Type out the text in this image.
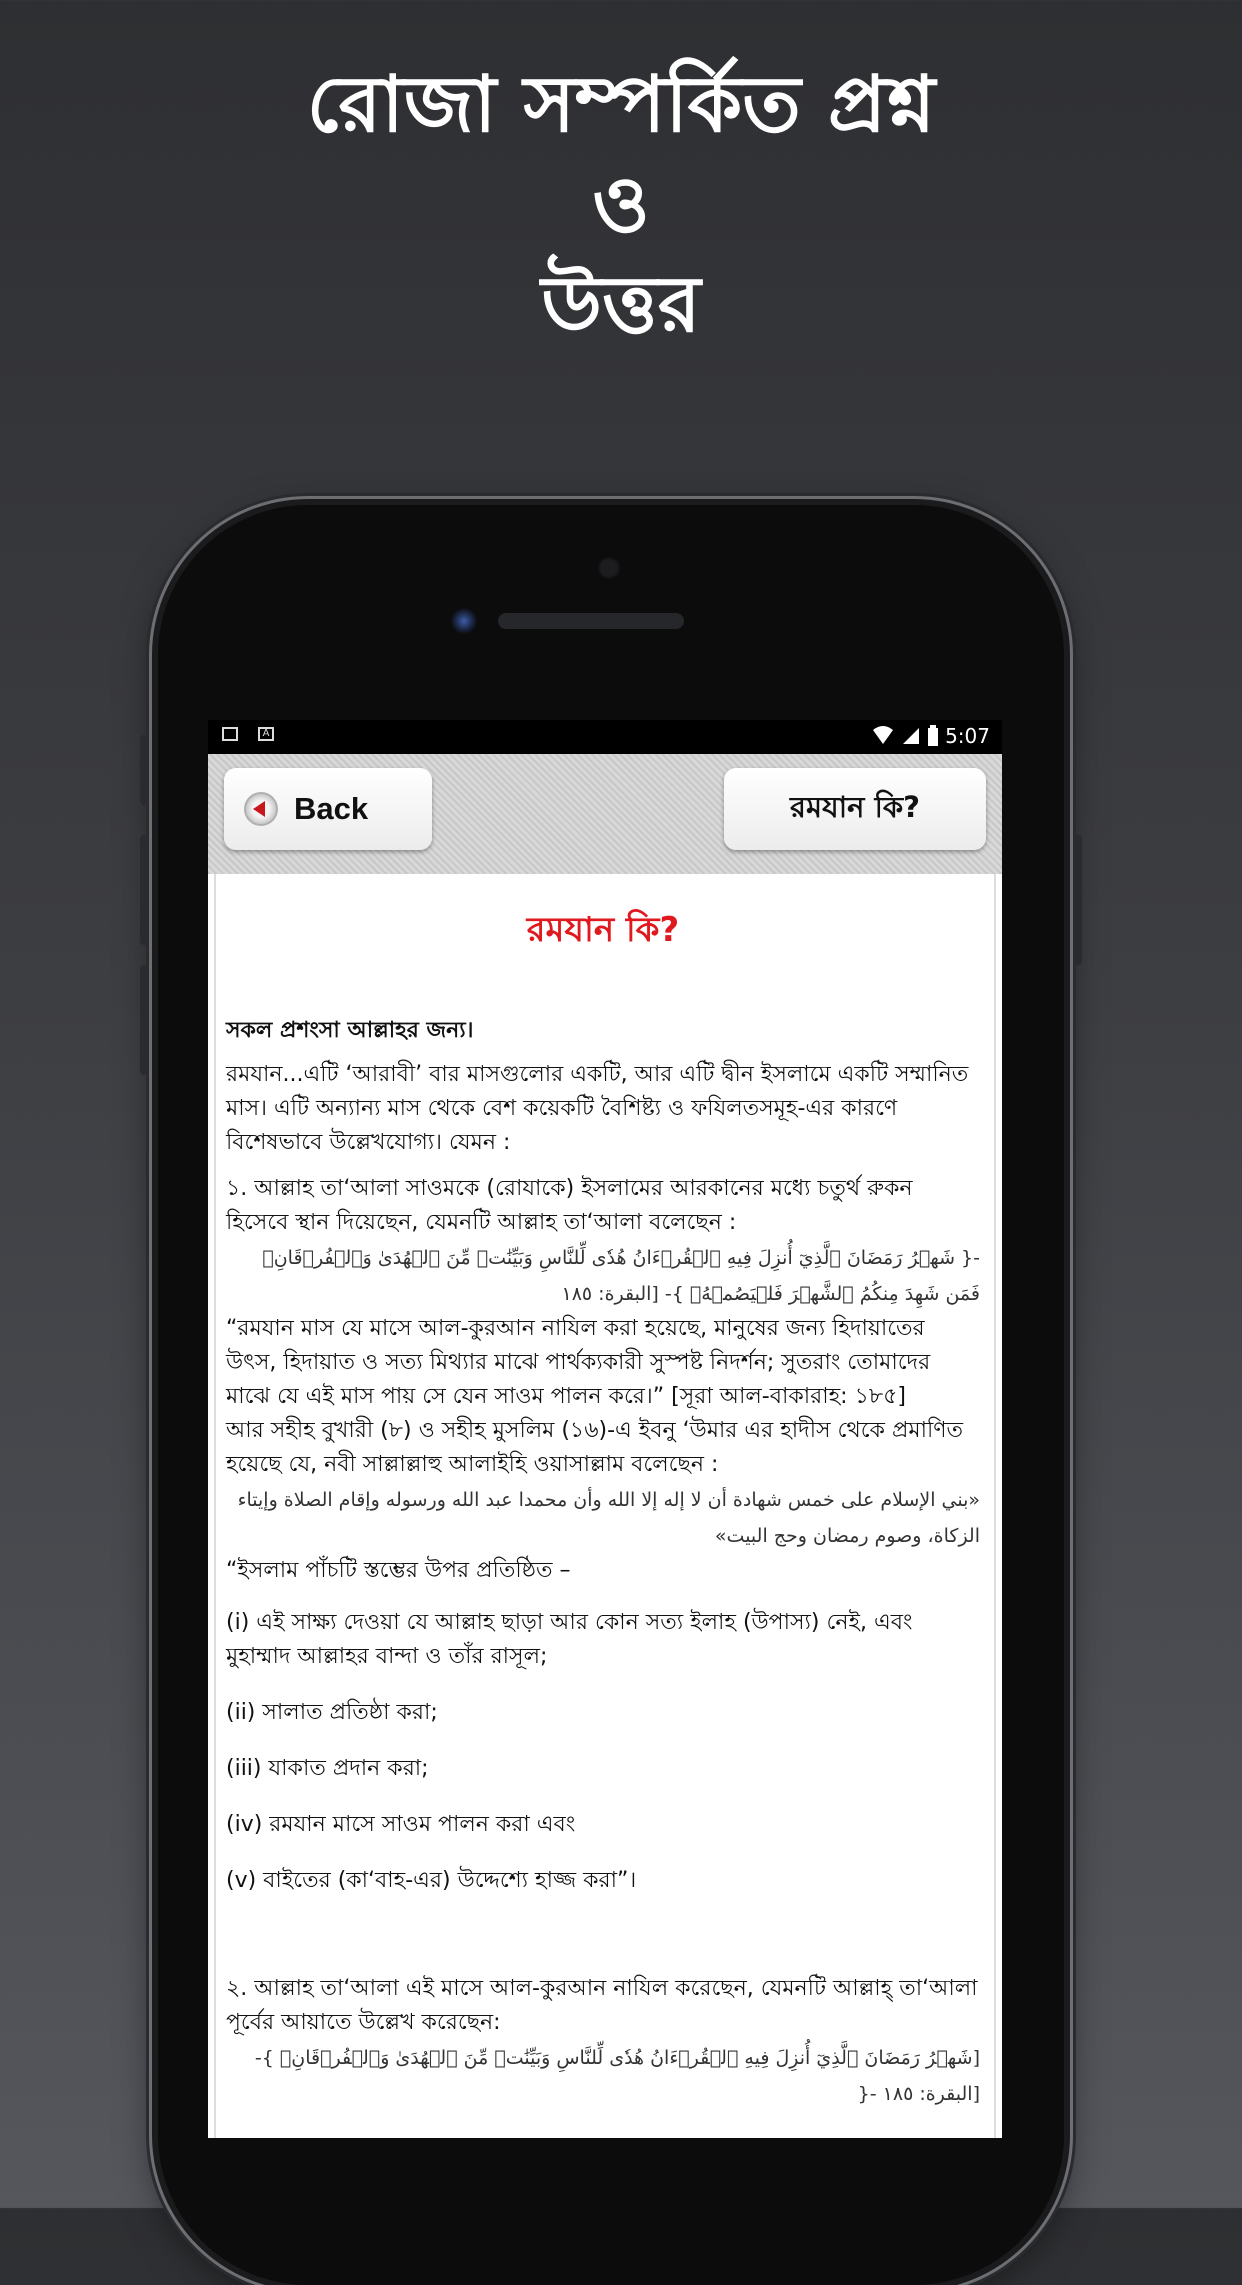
রোজা সম্পর্কিত প্রশ্ন
ও
উত্তর
A	5:07
Back	রমযান কি?
রমযান কি?

সকল প্রশংসা আল্লাহর জন্য।

রমযান...এটি ‘আরাবী’ বার মাসগুলোর একটি, আর এটি দ্বীন ইসলামে একটি সম্মানিত মাস। এটি অন্যান্য মাস থেকে বেশ কয়েকটি বৈশিষ্ট্য ও ফযিলতসমূহ-এর কারণে বিশেষভাবে উল্লেখযোগ্য। যেমন :

১. আল্লাহ তা‘আলা সাওমকে (রোযাকে) ইসলামের আরকানের মধ্যে চতুর্থ রুকন হিসেবে স্থান দিয়েছেন, যেমনটি আল্লাহ তা‘আলা বলেছেন :

-{ شَهۡرُ رَمَضَانَ ٱلَّذِيٓ أُنزِلَ فِيهِ ٱلۡقُرۡءَانُ هُدٗى لِّلنَّاسِ وَبَيِّنَٰتٖ مِّنَ ٱلۡهُدَىٰ وَٱلۡفُرۡقَانِۚ فَمَن شَهِدَ مِنكُمُ ٱلشَّهۡرَ فَلۡيَصُمۡهُۖ }- [البقرة: ١٨٥

“রমযান মাস যে মাসে আল-কুরআন নাযিল করা হয়েছে, মানুষের জন্য হিদায়াতের উৎস, হিদায়াত ও সত্য মিথ্যার মাঝে পার্থক্যকারী সুস্পষ্ট নিদর্শন; সুতরাং তোমাদের মাঝে যে এই মাস পায় সে যেন সাওম পালন করে।” [সূরা আল-বাকারাহ: ১৮৫]

আর সহীহ বুখারী (৮) ও সহীহ মুসলিম (১৬)-এ ইবনু ‘উমার এর হাদীস থেকে প্রমাণিত হয়েছে যে, নবী সাল্লাল্লাহু আলাইহি ওয়াসাল্লাম বলেছেন :

«بني الإسلام على خمس شهادة أن لا إله إلا الله وأن محمدا عبد الله ورسوله وإقام الصلاة وإيتاء الزكاة، وصوم رمضان وحج البيت»

“ইসলাম পাঁচটি স্তম্ভের উপর প্রতিষ্ঠিত –

(i) এই সাক্ষ্য দেওয়া যে আল্লাহ ছাড়া আর কোন সত্য ইলাহ (উপাস্য) নেই, এবং মুহাম্মাদ আল্লাহর বান্দা ও তাঁর রাসূল;

(ii) সালাত প্রতিষ্ঠা করা;

(iii) যাকাত প্রদান করা;

(iv) রমযান মাসে সাওম পালন করা এবং

(v) বাইতের (কা‘বাহ-এর) উদ্দেশ্যে হাজ্জ করা”।

২. আল্লাহ তা‘আলা এই মাসে আল-কুরআন নাযিল করেছেন, যেমনটি আল্লাহ্ তা‘আলা পূর্বের আয়াতে উল্লেখ করেছেন:

[شَهۡرُ رَمَضَانَ ٱلَّذِيٓ أُنزِلَ فِيهِ ٱلۡقُرۡءَانُ هُدٗى لِّلنَّاسِ وَبَيِّنَٰتٖ مِّنَ ٱلۡهُدَىٰ وَٱلۡفُرۡقَانِۚ }- [البقرة: ١٨٥ -{
